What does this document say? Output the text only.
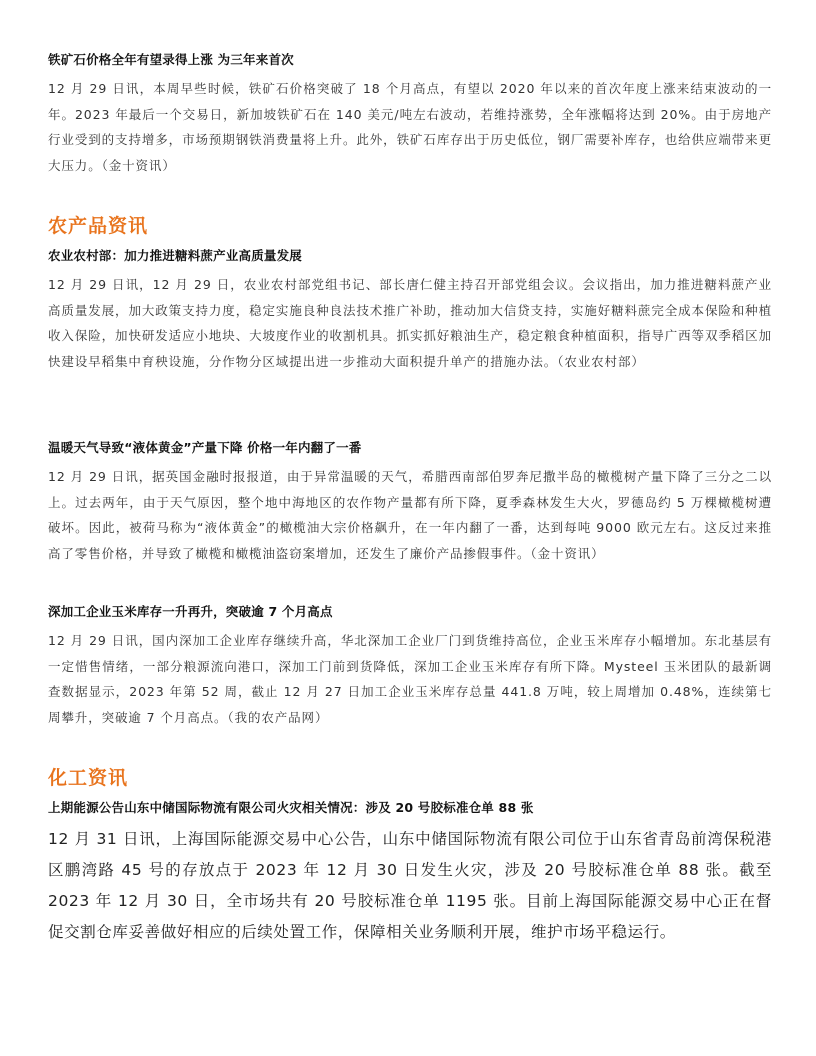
铁矿石价格全年有望录得上涨 为三年来首次

12 月 29 日讯，本周早些时候，铁矿石价格突破了 18 个月高点，有望以 2020 年以来的首次年度上涨来结束波动的一年。2023 年最后一个交易日，新加坡铁矿石在 140 美元/吨左右波动，若维持涨势，全年涨幅将达到 20%。由于房地产行业受到的支持增多，市场预期钢铁消费量将上升。此外，铁矿石库存出于历史低位，钢厂需要补库存，也给供应端带来更大压力。（金十资讯）

农产品资讯
农业农村部：加力推进糖料蔗产业高质量发展

12 月 29 日讯，12 月 29 日，农业农村部党组书记、部长唐仁健主持召开部党组会议。会议指出，加力推进糖料蔗产业高质量发展，加大政策支持力度，稳定实施良种良法技术推广补助，推动加大信贷支持，实施好糖料蔗完全成本保险和种植收入保险，加快研发适应小地块、大坡度作业的收割机具。抓实抓好粮油生产，稳定粮食种植面积，指导广西等双季稻区加快建设早稻集中育秧设施，分作物分区域提出进一步推动大面积提升单产的措施办法。（农业农村部）

温暖天气导致“液体黄金”产量下降 价格一年内翻了一番

12 月 29 日讯，据英国金融时报报道，由于异常温暖的天气，希腊西南部伯罗奔尼撒半岛的橄榄树产量下降了三分之二以上。过去两年，由于天气原因，整个地中海地区的农作物产量都有所下降，夏季森林发生大火，罗德岛约 5 万棵橄榄树遭破坏。因此，被荷马称为“液体黄金”的橄榄油大宗价格飙升，在一年内翻了一番，达到每吨 9000 欧元左右。这反过来推高了零售价格，并导致了橄榄和橄榄油盗窃案增加，还发生了廉价产品掺假事件。（金十资讯）

深加工企业玉米库存一升再升，突破逾 7 个月高点

12 月 29 日讯，国内深加工企业库存继续升高，华北深加工企业厂门到货维持高位，企业玉米库存小幅增加。东北基层有一定惜售情绪，一部分粮源流向港口，深加工门前到货降低，深加工企业玉米库存有所下降。Mysteel 玉米团队的最新调查数据显示，2023 年第 52 周，截止 12 月 27 日加工企业玉米库存总量 441.8 万吨，较上周增加 0.48%，连续第七周攀升，突破逾 7 个月高点。（我的农产品网）

化工资讯
上期能源公告山东中储国际物流有限公司火灾相关情况：涉及 20 号胶标准仓单 88 张

12 月 31 日讯，上海国际能源交易中心公告，山东中储国际物流有限公司位于山东省青岛前湾保税港区鹏湾路 45 号的存放点于 2023 年 12 月 30 日发生火灾，涉及 20 号胶标准仓单 88 张。截至 2023 年 12 月 30 日，全市场共有 20 号胶标准仓单 1195 张。目前上海国际能源交易中心正在督促交割仓库妥善做好相应的后续处置工作，保障相关业务顺利开展，维护市场平稳运行。
